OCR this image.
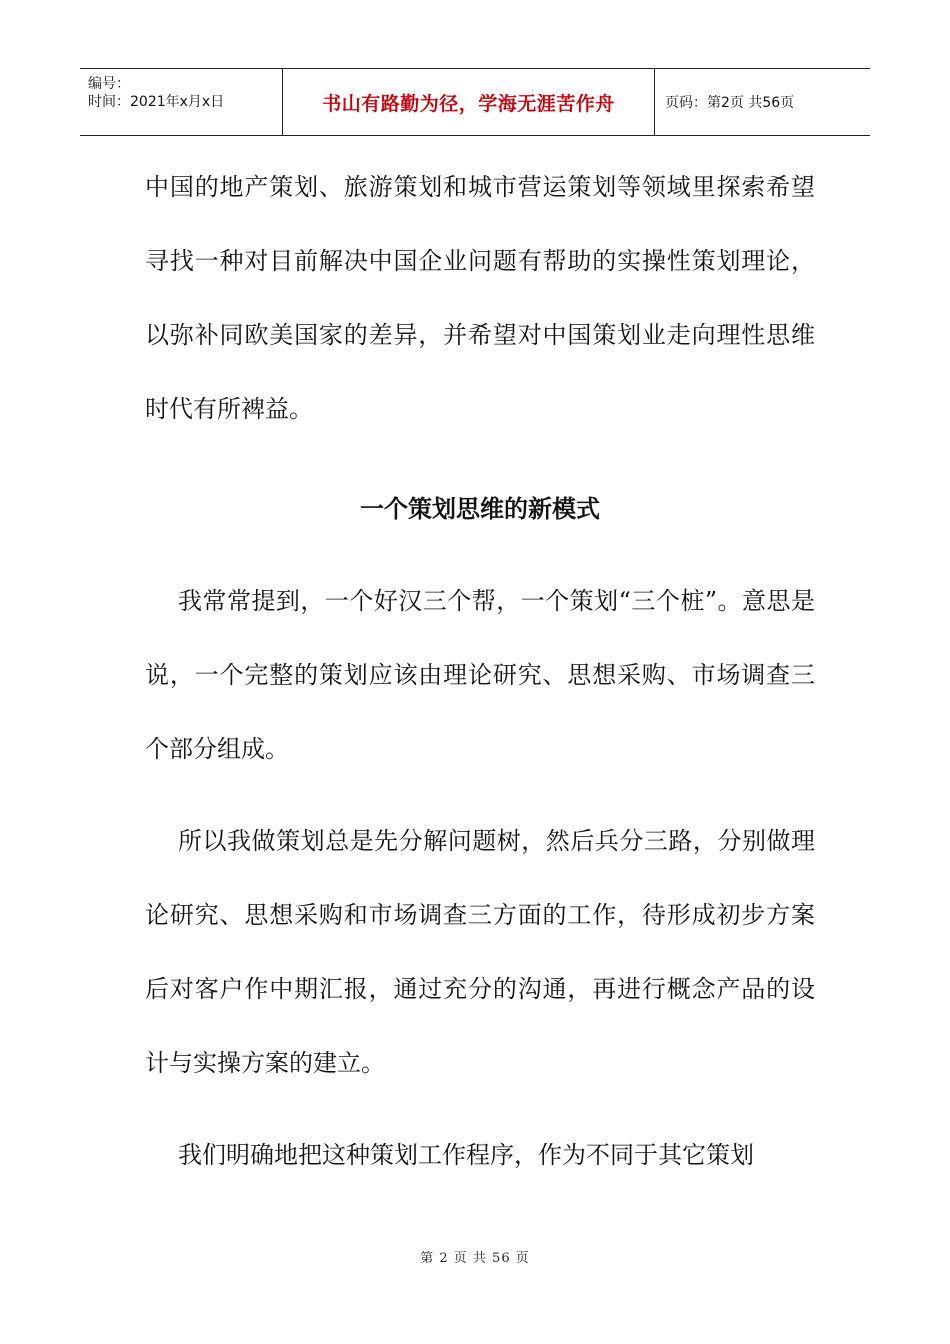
编号：
时间：2021年x月x日	书山有路勤为径，学海无涯苦作舟	页码：第2页 共56页

中国的地产策划、旅游策划和城市营运策划等领域里探索希望寻找一种对目前解决中国企业问题有帮助的实操性策划理论，以弥补同欧美国家的差异，并希望对中国策划业走向理性思维时代有所裨益。

一个策划思维的新模式

我常常提到，一个好汉三个帮，一个策划“三个桩”。意思是说，一个完整的策划应该由理论研究、思想采购、市场调查三个部分组成。

所以我做策划总是先分解问题树，然后兵分三路，分别做理论研究、思想采购和市场调查三方面的工作，待形成初步方案后对客户作中期汇报，通过充分的沟通，再进行概念产品的设计与实操方案的建立。

我们明确地把这种策划工作程序，作为不同于其它策划

第 2 页 共 56 页
